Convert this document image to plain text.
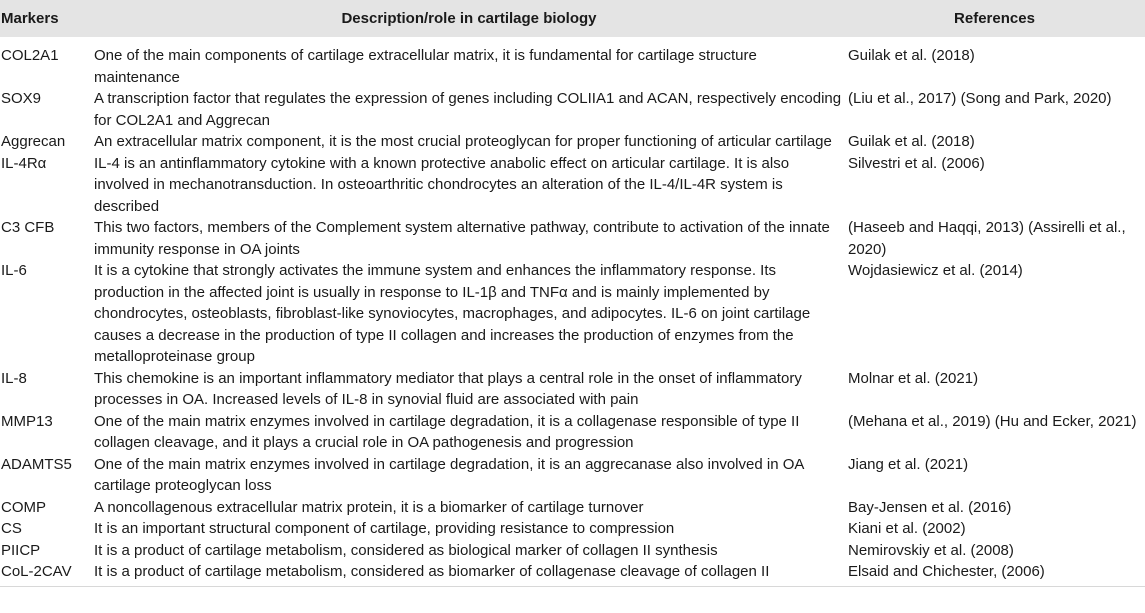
Markers	Description/role in cartilage biology	References
COL2A1	One of the main components of cartilage extracellular matrix, it is fundamental for cartilage structure maintenance	Guilak et al. (2018)
SOX9	A transcription factor that regulates the expression of genes including COLIIA1 and ACAN, respectively encoding for COL2A1 and Aggrecan	(Liu et al., 2017) (Song and Park, 2020)
Aggrecan	An extracellular matrix component, it is the most crucial proteoglycan for proper functioning of articular cartilage	Guilak et al. (2018)
IL-4Rα	IL-4 is an antinflammatory cytokine with a known protective anabolic effect on articular cartilage. It is also involved in mechanotransduction. In osteoarthritic chondrocytes an alteration of the IL-4/IL-4R system is described	Silvestri et al. (2006)
C3 CFB	This two factors, members of the Complement system alternative pathway, contribute to activation of the innate immunity response in OA joints	(Haseeb and Haqqi, 2013) (Assirelli et al., 2020)
IL-6	It is a cytokine that strongly activates the immune system and enhances the inflammatory response. Its production in the affected joint is usually in response to IL-1β and TNFα and is mainly implemented by chondrocytes, osteoblasts, fibroblast-like synoviocytes, macrophages, and adipocytes. IL-6 on joint cartilage causes a decrease in the production of type II collagen and increases the production of enzymes from the metalloproteinase group	Wojdasiewicz et al. (2014)
IL-8	This chemokine is an important inflammatory mediator that plays a central role in the onset of inflammatory processes in OA. Increased levels of IL-8 in synovial fluid are associated with pain	Molnar et al. (2021)
MMP13	One of the main matrix enzymes involved in cartilage degradation, it is a collagenase responsible of type II collagen cleavage, and it plays a crucial role in OA pathogenesis and progression	(Mehana et al., 2019) (Hu and Ecker, 2021)
ADAMTS5	One of the main matrix enzymes involved in cartilage degradation, it is an aggrecanase also involved in OA cartilage proteoglycan loss	Jiang et al. (2021)
COMP	A noncollagenous extracellular matrix protein, it is a biomarker of cartilage turnover	Bay-Jensen et al. (2016)
CS	It is an important structural component of cartilage, providing resistance to compression	Kiani et al. (2002)
PIICP	It is a product of cartilage metabolism, considered as biological marker of collagen II synthesis	Nemirovskiy et al. (2008)
CoL-2CAV	It is a product of cartilage metabolism, considered as biomarker of collagenase cleavage of collagen II	Elsaid and Chichester, (2006)
